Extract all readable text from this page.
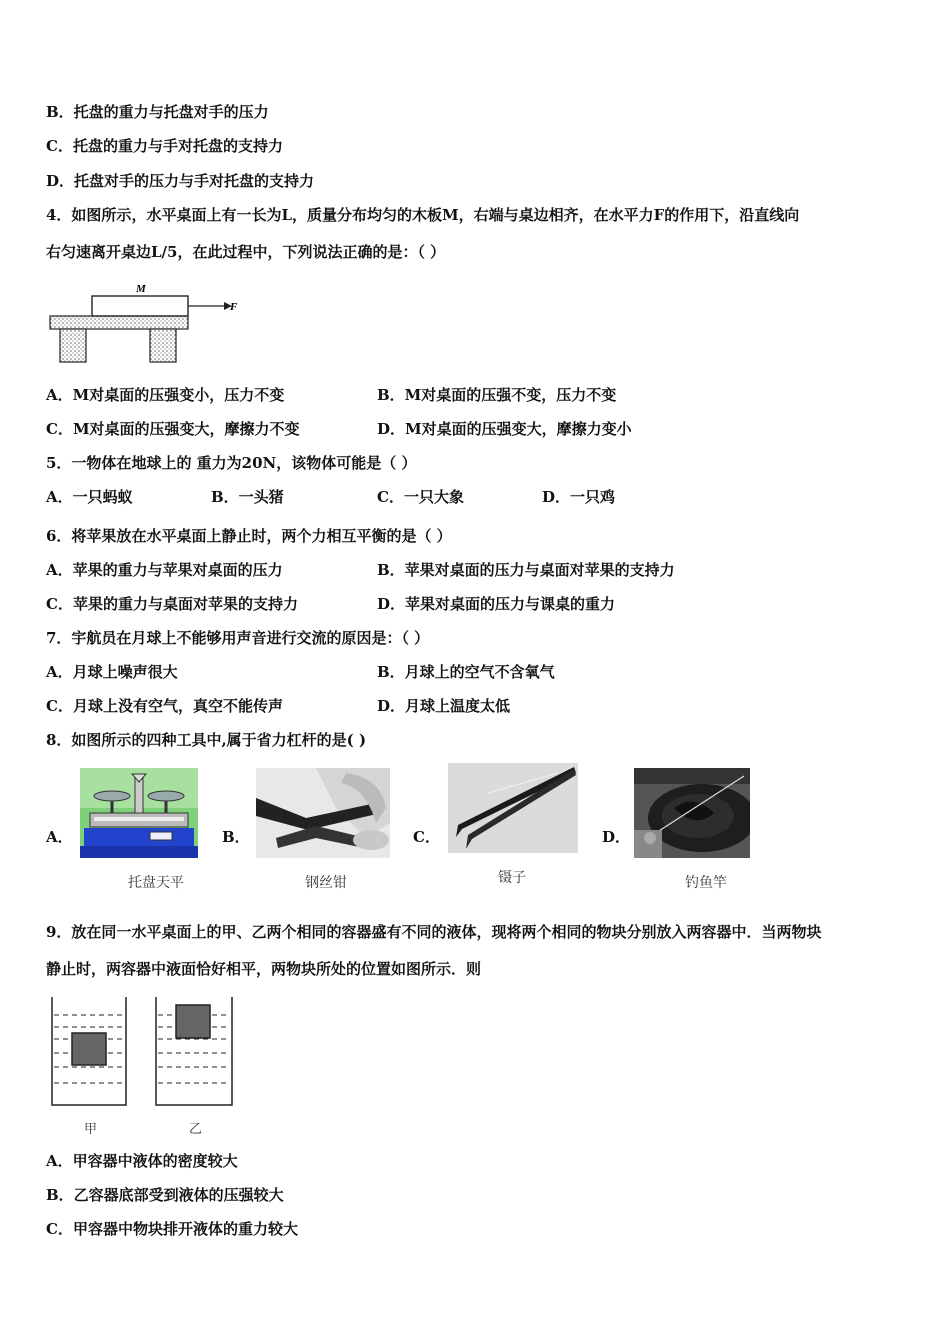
B．托盘的重力与托盘对手的压力
C．托盘的重力与手对托盘的支持力
D．托盘对手的压力与手对托盘的支持力
4．如图所示，水平桌面上有一长为L，质量分布均匀的木板M，右端与桌边相齐，在水平力F的作用下，沿直线向
右匀速离开桌边L/5，在此过程中，下列说法正确的是：（ ）
M
F
A．M对桌面的压强变小，压力不变	B．M对桌面的压强不变，压力不变
C．M对桌面的压强变大，摩擦力不变	D．M对桌面的压强变大，摩擦力变小
5．一物体在地球上的 重力为20N，该物体可能是（ ）
A．一只蚂蚁	B．一头猪	C．一只大象	D．一只鸡
6．将苹果放在水平桌面上静止时，两个力相互平衡的是（ ）
A．苹果的重力与苹果对桌面的压力	B．苹果对桌面的压力与桌面对苹果的支持力
C．苹果的重力与桌面对苹果的支持力	D．苹果对桌面的压力与课桌的重力
7．宇航员在月球上不能够用声音进行交流的原因是：（ ）
A．月球上噪声很大	B．月球上的空气不含氧气
C．月球上没有空气，真空不能传声	D．月球上温度太低
8．如图所示的四种工具中,属于省力杠杆的是( )
A．
托盘天平
B．
钢丝钳
C．
镊子
D．
钓鱼竿
9．放在同一水平桌面上的甲、乙两个相同的容器盛有不同的液体，现将两个相同的物块分别放入两容器中．当两物块
静止时，两容器中液面恰好相平，两物块所处的位置如图所示．则
甲	乙
A．甲容器中液体的密度较大
B．乙容器底部受到液体的压强较大
C．甲容器中物块排开液体的重力较大
